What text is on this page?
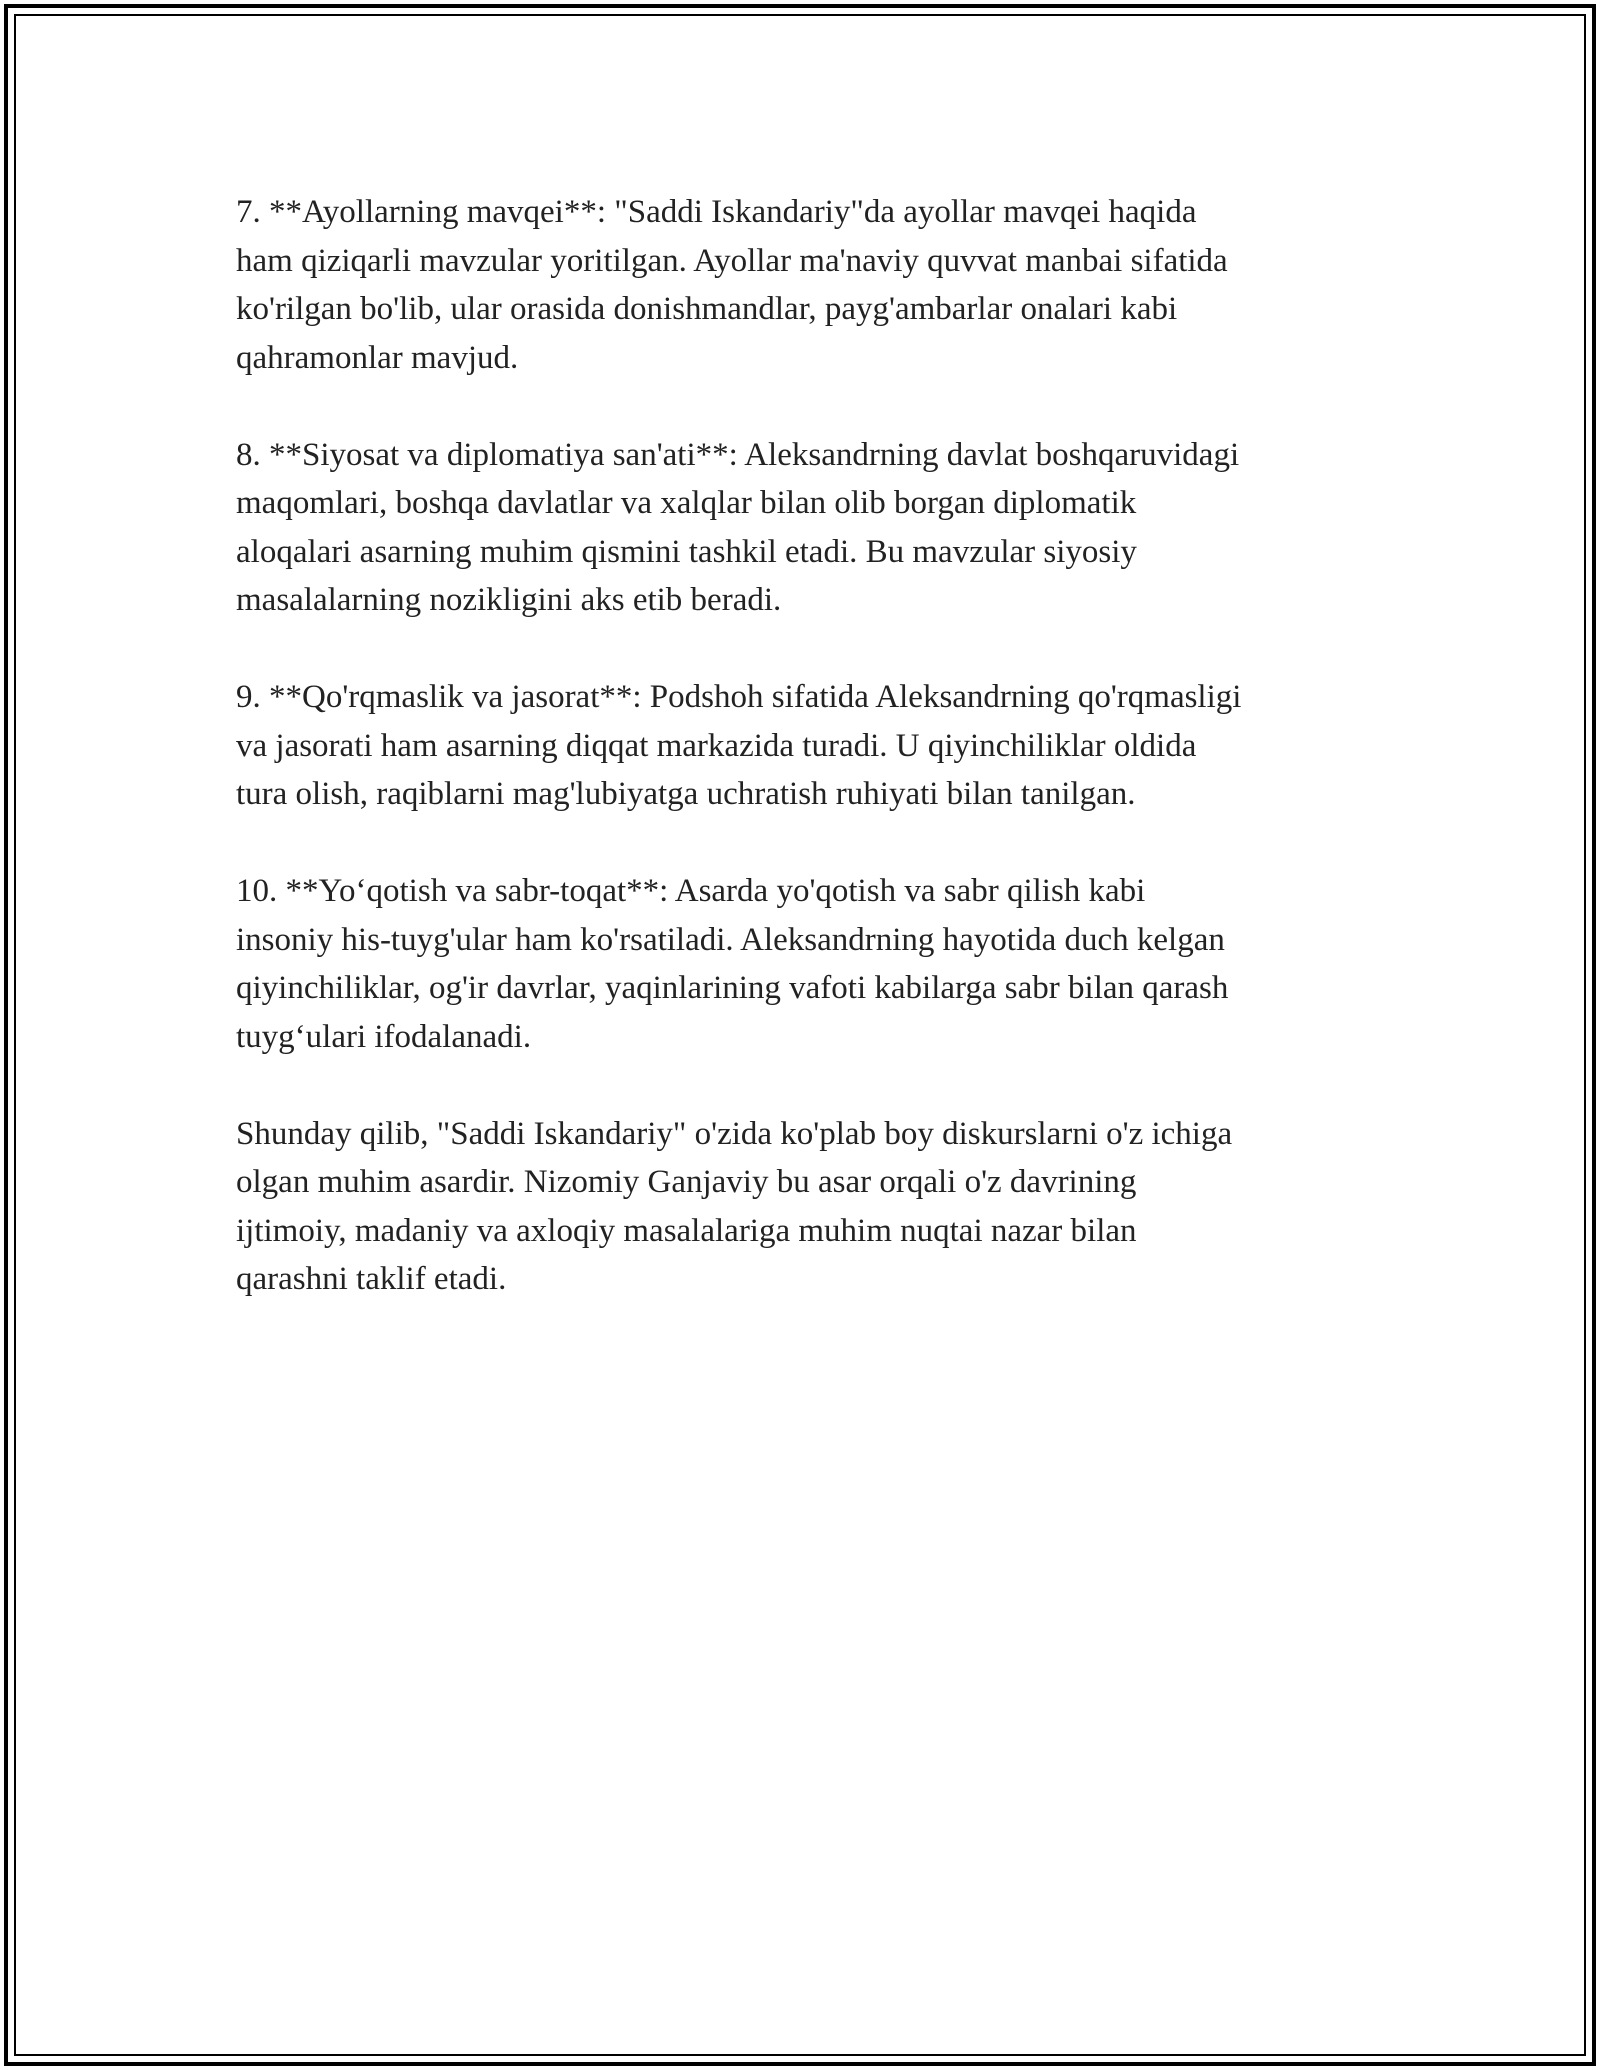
7. **Ayollarning mavqei**: "Saddi Iskandariy"da ayollar mavqei haqida
ham qiziqarli mavzular yoritilgan. Ayollar ma'naviy quvvat manbai sifatida
ko'rilgan bo'lib, ular orasida donishmandlar, payg'ambarlar onalari kabi
qahramonlar mavjud.

8. **Siyosat va diplomatiya san'ati**: Aleksandrning davlat boshqaruvidagi
maqomlari, boshqa davlatlar va xalqlar bilan olib borgan diplomatik
aloqalari asarning muhim qismini tashkil etadi. Bu mavzular siyosiy
masalalarning nozikligini aks etib beradi.

9. **Qo'rqmaslik va jasorat**: Podshoh sifatida Aleksandrning qo'rqmasligi
va jasorati ham asarning diqqat markazida turadi. U qiyinchiliklar oldida
tura olish, raqiblarni mag'lubiyatga uchratish ruhiyati bilan tanilgan.

10. **Yo‘qotish va sabr-toqat**: Asarda yo'qotish va sabr qilish kabi
insoniy his-tuyg'ular ham ko'rsatiladi. Aleksandrning hayotida duch kelgan
qiyinchiliklar, og'ir davrlar, yaqinlarining vafoti kabilarga sabr bilan qarash
tuyg‘ulari ifodalanadi.

Shunday qilib, "Saddi Iskandariy" o'zida ko'plab boy diskurslarni o'z ichiga
olgan muhim asardir. Nizomiy Ganjaviy bu asar orqali o'z davrining
ijtimoiy, madaniy va axloqiy masalalariga muhim nuqtai nazar bilan
qarashni taklif etadi.
